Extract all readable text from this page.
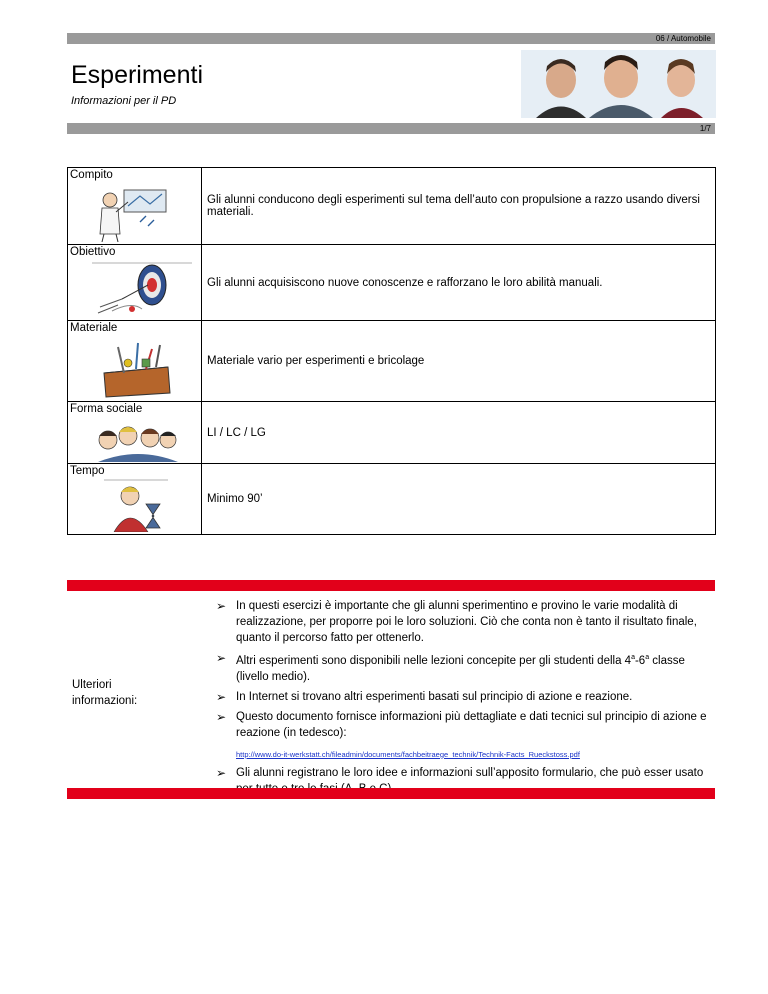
06 / Automobile
Esperimenti
Informazioni per il PD
1/7
Compito	Gli alunni conducono degli esperimenti sul tema dell’auto con propulsione a razzo usando diversi materiali.

Obiettivo	Gli alunni acquisiscono nuove conoscenze e rafforzano le loro abilità manuali.

Materiale	Materiale vario per esperimenti e bricolage

Forma sociale	LI / LC / LG

Tempo	Minimo 90’
Ulteriori
informazioni:
➢ In questi esercizi è importante che gli alunni sperimentino e provino le varie modalità di realizzazione, per proporre poi le loro soluzioni. Ciò che conta non è tanto il risultato finale, quanto il percorso fatto per ottenerlo.
➢ Altri esperimenti sono disponibili nelle lezioni concepite per gli studenti della 4$^a$-6$^a$ classe (livello medio).
➢ In Internet si trovano altri esperimenti basati sul principio di azione e reazione.
➢ Questo documento fornisce informazioni più dettagliate e dati tecnici sul principio di azione e reazione (in tedesco):
http://www.do-it-werkstatt.ch/fileadmin/documents/fachbeitraege_technik/Technik-Facts_Rueckstoss.pdf
➢ Gli alunni registrano le loro idee e informazioni sull’apposito formulario, che può esser usato
